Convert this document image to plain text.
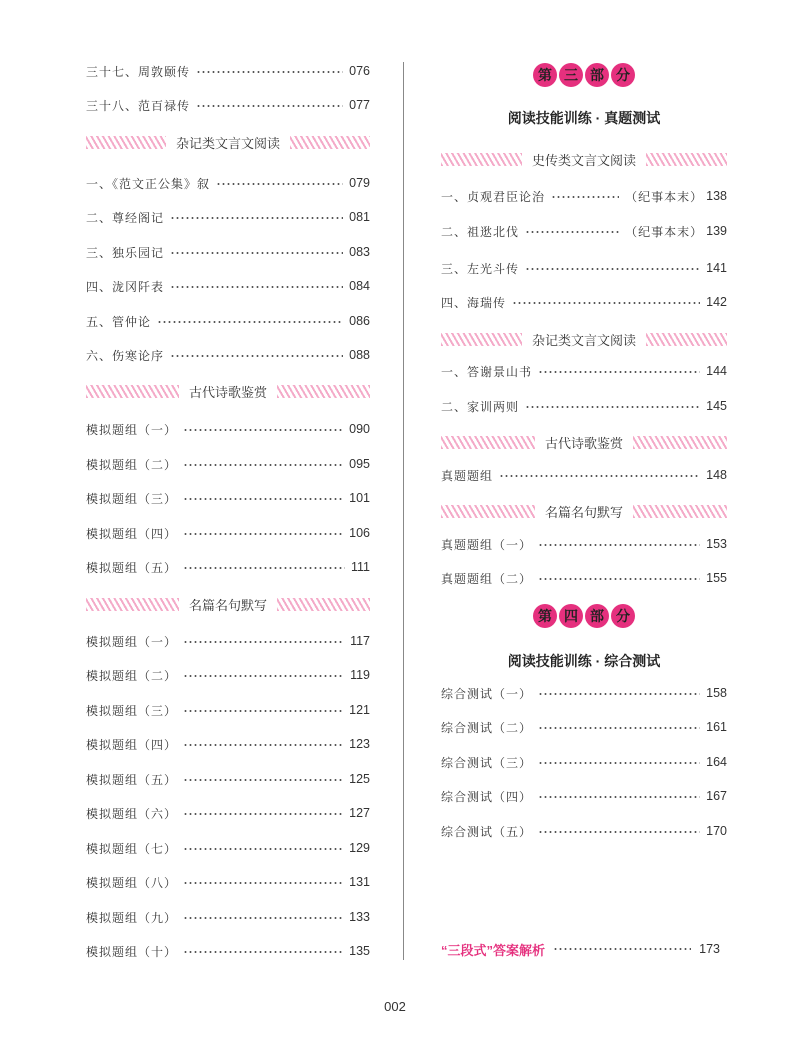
三十七、周敦颐传	076
三十八、范百禄传	077
杂记类文言文阅读
一、《范文正公集》叙	079
二、尊经阁记	081
三、独乐园记	083
四、泷冈阡表	084
五、管仲论	086
六、伤寒论序	088
古代诗歌鉴赏
模拟题组（一）	090
模拟题组（二）	095
模拟题组（三）	101
模拟题组（四）	106
模拟题组（五）	111
名篇名句默写
模拟题组（一）	117
模拟题组（二）	119
模拟题组（三）	121
模拟题组（四）	123
模拟题组（五）	125
模拟题组（六）	127
模拟题组（七）	129
模拟题组（八）	131
模拟题组（九）	133
模拟题组（十）	135
第 三 部 分
阅读技能训练 · 真题测试
史传类文言文阅读
一、贞观君臣论治	（纪事本末） 138
二、祖逖北伐	（纪事本末） 139
三、左光斗传	141
四、海瑞传	142
杂记类文言文阅读
一、答谢景山书	144
二、家训两则	145
古代诗歌鉴赏
真题题组	148
名篇名句默写
真题题组（一）	153
真题题组（二）	155
第 四 部 分
阅读技能训练 · 综合测试
综合测试（一）	158
综合测试（二）	161
综合测试（三）	164
综合测试（四）	167
综合测试（五）	170
“三段式”答案解析	173
002
